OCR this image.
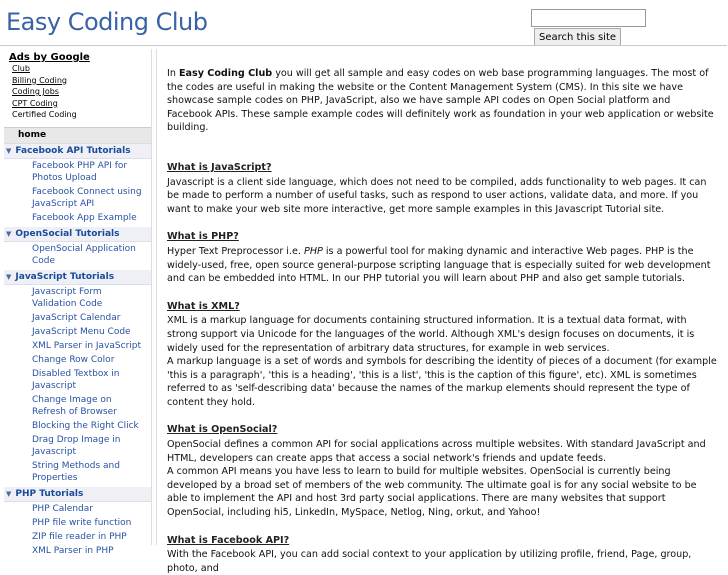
Easy Coding Club
Search this site
Ads by Google
Club
Billing Coding
Coding Jobs
CPT Coding
Certified Coding
home
▼ Facebook API Tutorials
Facebook PHP API for Photos Upload
Facebook Connect using JavaScript API
Facebook App Example
▼ OpenSocial Tutorials
OpenSocial Application Code
▼ JavaScript Tutorials
Javascript Form Validation Code
JavaScript Calendar
JavaScript Menu Code
XML Parser in JavaScript
Change Row Color
Disabled Textbox in Javascript
Change Image on Refresh of Browser
Blocking the Right Click
Drag Drop Image in Javascript
String Methods and Properties
▼ PHP Tutorials
PHP Calendar
PHP file write function
ZIP file reader in PHP
XML Parser in PHP

In Easy Coding Club you will get all sample and easy codes on web base programming languages. The most of the codes are useful in making the website or the Content Management System (CMS). In this site we have showcase sample codes on PHP, JavaScript, also we have sample API codes on Open Social platform and Facebook APIs. These sample example codes will definitely work as foundation in your web application or website building.

What is JavaScript?

Javascript is a client side language, which does not need to be compiled, adds functionality to web pages. It can be made to perform a number of useful tasks, such as respond to user actions, validate data, and more. If you want to make your web site more interactive, get more sample examples in this Javascript Tutorial site.

What is PHP?

Hyper Text Preprocessor i.e. PHP is a powerful tool for making dynamic and interactive Web pages. PHP is the widely-used, free, open source general-purpose scripting language that is especially suited for web development and can be embedded into HTML. In our PHP tutorial you will learn about PHP and also get sample tutorials.

What is XML?

XML is a markup language for documents containing structured information. It is a textual data format, with strong support via Unicode for the languages of the world. Although XML's design focuses on documents, it is widely used for the representation of arbitrary data structures, for example in web services.

A markup language is a set of words and symbols for describing the identity of pieces of a document (for example 'this is a paragraph', 'this is a heading', 'this is a list', 'this is the caption of this figure', etc). XML is sometimes referred to as 'self-describing data' because the names of the markup elements should represent the type of content they hold.

What is OpenSocial?

OpenSocial defines a common API for social applications across multiple websites. With standard JavaScript and HTML, developers can create apps that access a social network's friends and update feeds.

A common API means you have less to learn to build for multiple websites. OpenSocial is currently being developed by a broad set of members of the web community. The ultimate goal is for any social website to be able to implement the API and host 3rd party social applications. There are many websites that support OpenSocial, including hi5, LinkedIn, MySpace, Netlog, Ning, orkut, and Yahoo!

What is Facebook API?

With the Facebook API, you can add social context to your application by utilizing profile, friend, Page, group, photo, and
